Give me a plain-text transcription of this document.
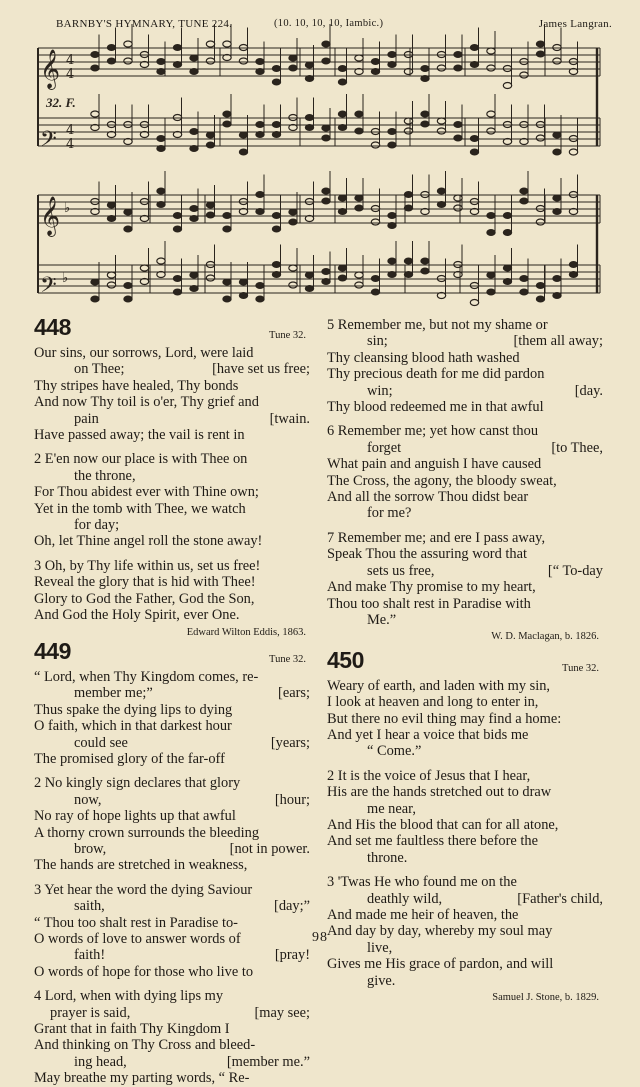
BARNBY'S HYMNARY, TUNE 224.	(10. 10, 10, 10, Iambic.)	James Langran.
32. F.
𝄞
𝄢
𝄞
𝄢
4
4
4
4
♭
♭
448	Tune 32.
Our sins, our sorrows, Lord, were laid
on Thee;	[have set us free;
Thy stripes have healed, Thy bonds
And now Thy toil is o'er, Thy grief and
pain	[twain.
Have passed away; the vail is rent in
2 E'en now our place is with Thee on
the throne,
For Thou abidest ever with Thine own;
Yet in the tomb with Thee, we watch
for day;
Oh, let Thine angel roll the stone away!
3 Oh, by Thy life within us, set us free!
Reveal the glory that is hid with Thee!
Glory to God the Father, God the Son,
And God the Holy Spirit, ever One.
Edward Wilton Eddis, 1863.
449	Tune 32.
“ Lord, when Thy Kingdom comes, re-
member me;”	[ears;
Thus spake the dying lips to dying
O faith, which in that darkest hour
could see	[years;
The promised glory of the far-off
2 No kingly sign declares that glory
now,	[hour;
No ray of hope lights up that awful
A thorny crown surrounds the bleeding
brow,	[not in power.
The hands are stretched in weakness,
3 Yet hear the word the dying Saviour
saith,	[day;”
“ Thou too shalt rest in Paradise to-
O words of love to answer words of
faith!	[pray!
O words of hope for those who live to
4 Lord, when with dying lips my
prayer is said,	[may see;
Grant that in faith Thy Kingdom I
And thinking on Thy Cross and bleed-
ing head,	[member me.”
May breathe my parting words, “ Re-
5 Remember me, but not my shame or
sin;	[them all away;
Thy cleansing blood hath washed
Thy precious death for me did pardon
win;	[day.
Thy blood redeemed me in that awful
6 Remember me; yet how canst thou
forget	[to Thee,
What pain and anguish I have caused
The Cross, the agony, the bloody sweat,
And all the sorrow Thou didst bear
for me?
7 Remember me; and ere I pass away,
Speak Thou the assuring word that
sets us free,	[“ To-day
And make Thy promise to my heart,
Thou too shalt rest in Paradise with
Me.”
W. D. Maclagan, b. 1826.
450	Tune 32.
Weary of earth, and laden with my sin,
I look at heaven and long to enter in,
But there no evil thing may find a home:
And yet I hear a voice that bids me
“ Come.”
2 It is the voice of Jesus that I hear,
His are the hands stretched out to draw
me near,
And His the blood that can for all atone,
And set me faultless there before the
throne.
3 'Twas He who found me on the
deathly wild,	[Father's child,
And made me heir of heaven, the
And day by day, whereby my soul may
live,
Gives me His grace of pardon, and will
give.
Samuel J. Stone, b. 1829.
98
